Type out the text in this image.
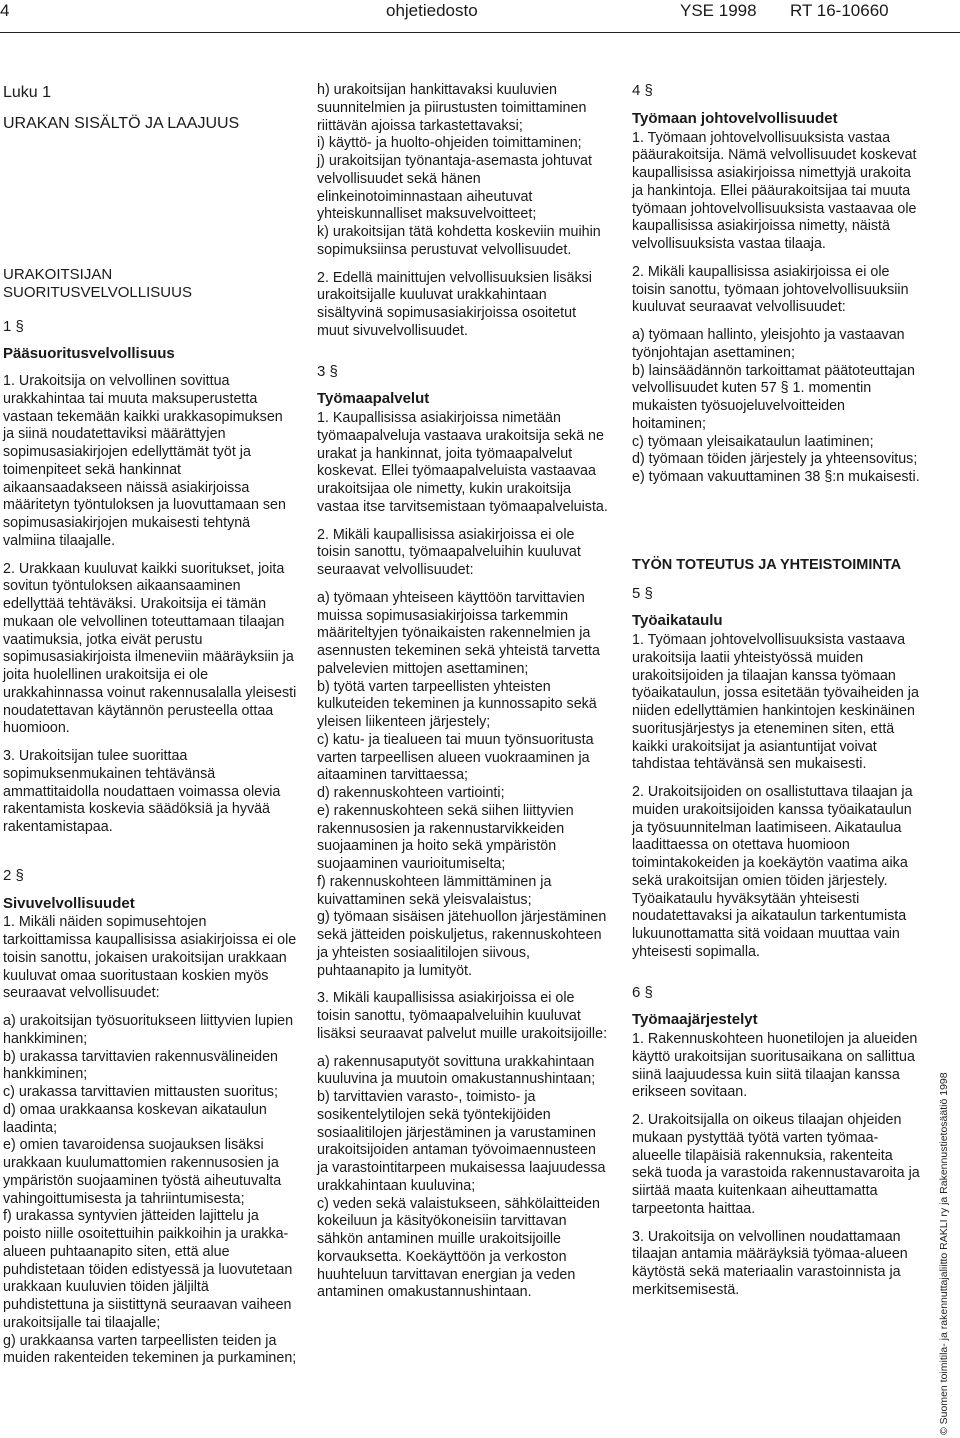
4	ohjetiedosto	YSE 1998 RT 16-10660

Luku 1

URAKAN SISÄLTÖ JA LAAJUUS

URAKOITSIJAN SUORITUSVELVOLLISUUS

1 §

Pääsuoritusvelvollisuus

1. Urakoitsija on velvollinen sovittua urakkahintaa tai muuta maksuperustetta vastaan tekemään kaikki urakkasopimuksen ja siinä noudatettaviksi määrättyjen sopimusasiakirjojen edellyttämät työt ja toimenpiteet sekä hankinnat aikaansaadakseen näissä asiakirjoissa määritetyn työntuloksen ja luovuttamaan sen sopimusasiakirjojen mukaisesti tehtynä valmiina tilaajalle.

2. Urakkaan kuuluvat kaikki suoritukset, joita sovitun työntuloksen aikaansaaminen edellyttää tehtäväksi. Urakoitsija ei tämän mukaan ole velvollinen toteuttamaan tilaajan vaatimuksia, jotka eivät perustu sopimusasiakirjoista ilmeneviin määräyksiin ja joita huolellinen urakoitsija ei ole urakkahinnassa voinut rakennusalalla yleisesti noudatettavan käytännön perusteella ottaa huomioon.

3. Urakoitsijan tulee suorittaa sopimuksenmukainen tehtävänsä ammattitaidolla noudattaen voimassa olevia rakentamista koskevia säädöksiä ja hyvää rakentamistapaa.

2 §

Sivuvelvollisuudet

1. Mikäli näiden sopimusehtojen tarkoittamissa kaupallisissa asiakirjoissa ei ole toisin sanottu, jokaisen urakoitsijan urakkaan kuuluvat omaa suoritustaan koskien myös seuraavat velvollisuudet:

a) urakoitsijan työsuoritukseen liittyvien lupien hankkiminen;

b) urakassa tarvittavien rakennusvälineiden hankkiminen;

c) urakassa tarvittavien mittausten suoritus;

d) omaa urakkaansa koskevan aikataulun laadinta;

e) omien tavaroidensa suojauksen lisäksi urakkaan kuulumattomien rakennusosien ja ympäristön suojaaminen työstä aiheutuvalta vahingoittumisesta ja tahriintumisesta;

f) urakassa syntyvien jätteiden lajittelu ja poisto niille osoitettuihin paikkoihin ja urakka-alueen puhtaanapito siten, että alue puhdistetaan töiden edistyessä ja luovutetaan urakkaan kuuluvien töiden jäljiltä puhdistettuna ja siistittynä seuraavan vaiheen urakoitsijalle tai tilaajalle;

g) urakkaansa varten tarpeellisten teiden ja muiden rakenteiden tekeminen ja purkaminen;

h) urakoitsijan hankittavaksi kuuluvien suunnitelmien ja piirustusten toimittaminen riittävän ajoissa tarkastettavaksi;

i) käyttö- ja huolto-ohjeiden toimittaminen;

j) urakoitsijan työnantaja-asemasta johtuvat velvollisuudet sekä hänen elinkeinotoiminnastaan aiheutuvat yhteiskunnalliset maksuvelvoitteet;

k) urakoitsijan tätä kohdetta koskeviin muihin sopimuksiinsa perustuvat velvollisuudet.

2. Edellä mainittujen velvollisuuksien lisäksi urakoitsijalle kuuluvat urakkahintaan sisältyvinä sopimusasiakirjoissa osoitetut muut sivuvelvollisuudet.

3 §

Työmaapalvelut

1. Kaupallisissa asiakirjoissa nimetään työmaapalveluja vastaava urakoitsija sekä ne urakat ja hankinnat, joita työmaapalvelut koskevat. Ellei työmaapalveluista vastaavaa urakoitsijaa ole nimetty, kukin urakoitsija vastaa itse tarvitsemistaan työmaapalveluista.

2. Mikäli kaupallisissa asiakirjoissa ei ole toisin sanottu, työmaapalveluihin kuuluvat seuraavat velvollisuudet:

a) työmaan yhteiseen käyttöön tarvittavien muissa sopimusasiakirjoissa tarkemmin määriteltyjen työnaikaisten rakennelmien ja asennusten tekeminen sekä yhteistä tarvetta palvelevien mittojen asettaminen;

b) työtä varten tarpeellisten yhteisten kulkuteiden tekeminen ja kunnossapito sekä yleisen liikenteen järjestely;

c) katu- ja tiealueen tai muun työnsuoritusta varten tarpeellisen alueen vuokraaminen ja aitaaminen tarvittaessa;

d) rakennuskohteen vartiointi;

e) rakennuskohteen sekä siihen liittyvien rakennusosien ja rakennustarvikkeiden suojaaminen ja hoito sekä ympäristön suojaaminen vaurioitumiselta;

f) rakennuskohteen lämmittäminen ja kuivattaminen sekä yleisvalaistus;

g) työmaan sisäisen jätehuollon järjestäminen sekä jätteiden poiskuljetus, rakennuskohteen ja yhteisten sosiaalitilojen siivous, puhtaanapito ja lumityöt.

3. Mikäli kaupallisissa asiakirjoissa ei ole toisin sanottu, työmaapalveluihin kuuluvat lisäksi seuraavat palvelut muille urakoitsijoille:

a) rakennusaputyöt sovittuna urakkahintaan kuuluvina ja muutoin omakustannushintaan;

b) tarvittavien varasto-, toimisto- ja sosikentelytilojen sekä työntekijöiden sosiaalitilojen järjestäminen ja varustaminen urakoitsijoiden antaman työvoimaennusteen ja varastointitarpeen mukaisessa laajuudessa urakkahintaan kuuluvina;

c) veden sekä valaistukseen, sähkölaitteiden kokeiluun ja käsityökoneisiin tarvittavan sähkön antaminen muille urakoitsijoille korvauksetta. Koekäyttöön ja verkoston huuhteluun tarvittavan energian ja veden antaminen omakustannushintaan.

4 §

Työmaan johtovelvollisuudet

1. Työmaan johtovelvollisuuksista vastaa pääurakoitsija. Nämä velvollisuudet koskevat kaupallisissa asiakirjoissa nimettyjä urakoita ja hankintoja. Ellei pääurakoitsijaa tai muuta työmaan johtovelvollisuuksista vastaavaa ole kaupallisissa asiakirjoissa nimetty, näistä velvollisuuksista vastaa tilaaja.

2. Mikäli kaupallisissa asiakirjoissa ei ole toisin sanottu, työmaan johtovelvollisuuksiin kuuluvat seuraavat velvollisuudet:

a) työmaan hallinto, yleisjohto ja vastaavan työnjohtajan asettaminen;

b) lainsäädännön tarkoittamat päätoteuttajan velvollisuudet kuten 57 § 1. momentin mukaisten työsuojeluvelvoitteiden hoitaminen;

c) työmaan yleisaikataulun laatiminen;

d) työmaan töiden järjestely ja yhteensovitus;

e) työmaan vakuuttaminen 38 §:n mukaisesti.

TYÖN TOTEUTUS JA YHTEISTOIMINTA

5 §

Työaikataulu

1. Työmaan johtovelvollisuuksista vastaava urakoitsija laatii yhteistyössä muiden urakoitsijoiden ja tilaajan kanssa työmaan työaikataulun, jossa esitetään työvaiheiden ja niiden edellyttämien hankintojen keskinäinen suoritusjärjestys ja eteneminen siten, että kaikki urakoitsijat ja asiantuntijat voivat tahdistaa tehtävänsä sen mukaisesti.

2. Urakoitsijoiden on osallistuttava tilaajan ja muiden urakoitsijoiden kanssa työaikataulun ja työsuunnitelman laatimiseen. Aikataulua laadittaessa on otettava huomioon toimintakokeiden ja koekäytön vaatima aika sekä urakoitsijan omien töiden järjestely. Työaikataulu hyväksytään yhteisesti noudatettavaksi ja aikataulun tarkentumista lukuunottamatta sitä voidaan muuttaa vain yhteisesti sopimalla.

6 §

Työmaajärjestelyt

1. Rakennuskohteen huonetilojen ja alueiden käyttö urakoitsijan suoritusaikana on sallittua siinä laajuudessa kuin siitä tilaajan kanssa erikseen sovitaan.

2. Urakoitsijalla on oikeus tilaajan ohjeiden mukaan pystyttää työtä varten työmaa-alueelle tilapäisiä rakennuksia, rakenteita sekä tuoda ja varastoida rakennustavaroita ja siirtää maata kuitenkaan aiheuttamatta tarpeetonta haittaa.

3. Urakoitsija on velvollinen noudattamaan tilaajan antamia määräyksiä työmaa-alueen käytöstä sekä materiaalin varastoinnista ja merkitsemisestä.	© Suomen toimitila- ja rakennuttajaliitto RAKLI ry ja Rakennustietosäätiö 1998
